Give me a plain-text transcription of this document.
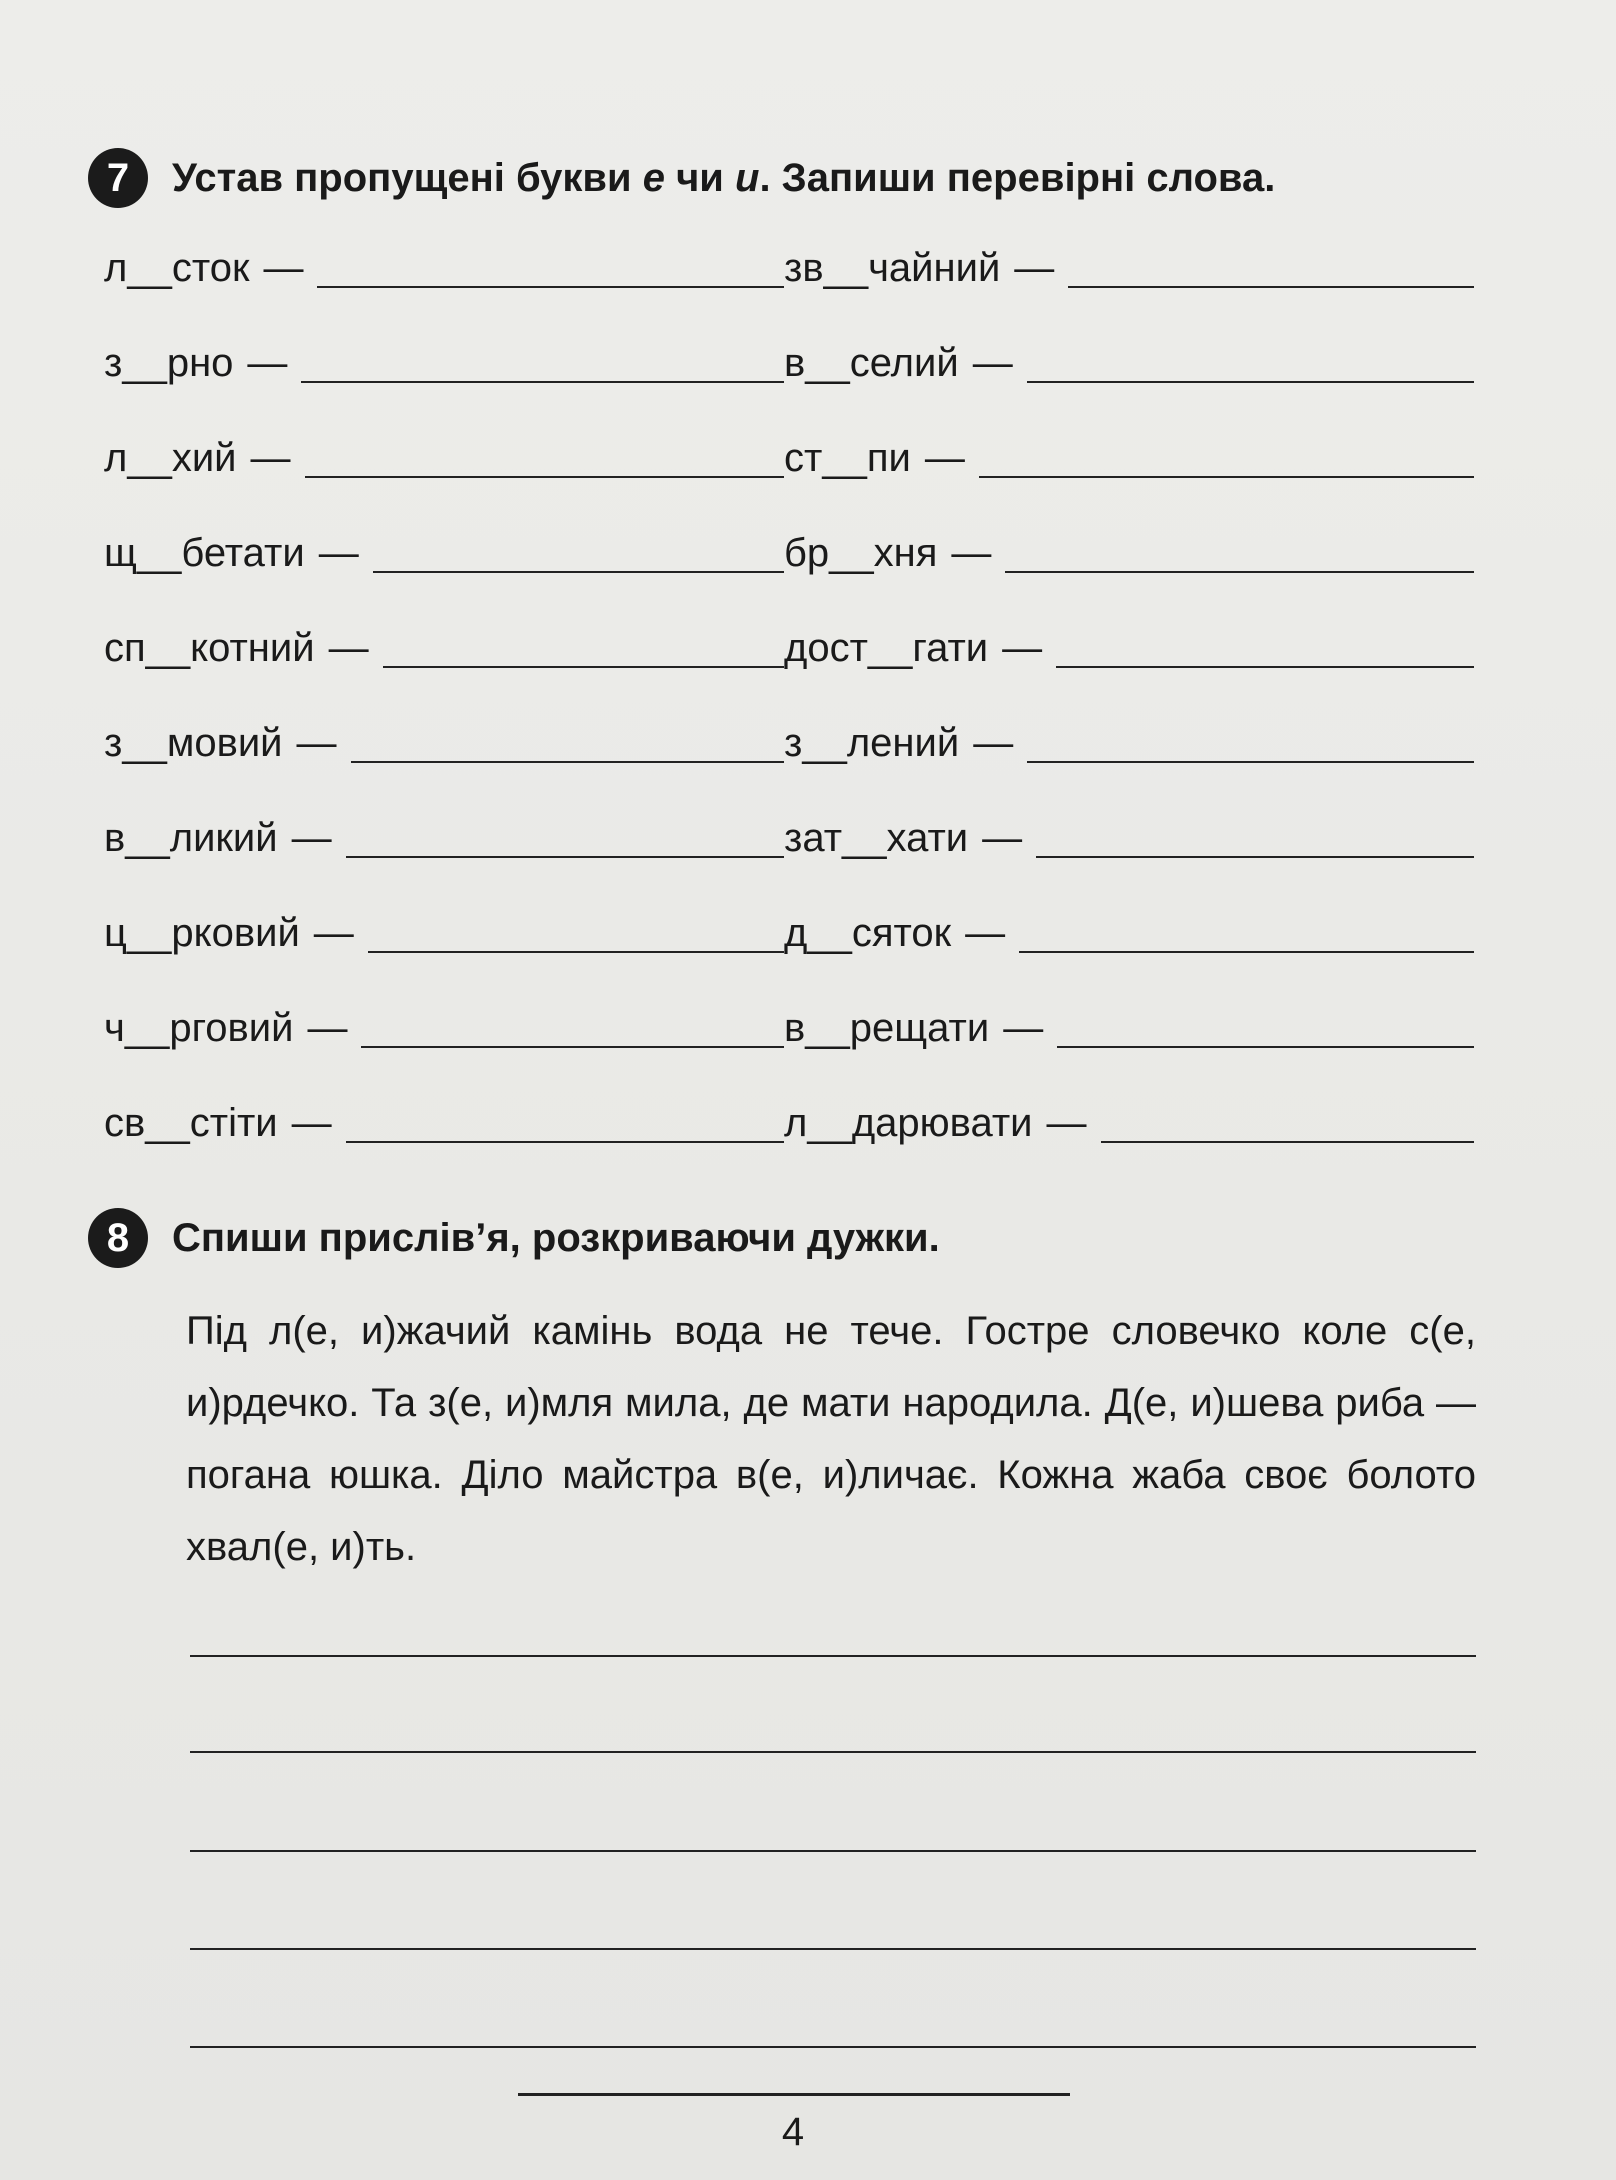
7	Устав пропущені букви е чи и. Запиши перевірні слова.
л__сток —	зв__чайний —
з__рно —	в__селий —
л__хий —	ст__пи —
щ__бетати —	бр__хня —
сп__котний —	дост__гати —
з__мовий —	з__лений —
в__ликий —	зат__хати —
ц__рковий —	д__сяток —
ч__рговий —	в__рещати —
св__стіти —	л__дарювати —
8	Спиши прислів’я, розкриваючи дужки.
Під л(е, и)жачий камінь вода не тече. Гостре словечко коле с(е, и)рдечко. Та з(е, и)мля мила, де мати народила. Д(е, и)шева риба — погана юшка. Діло майстра в(е, и)личає. Кожна жаба своє болото хвал(е, и)ть.
4
